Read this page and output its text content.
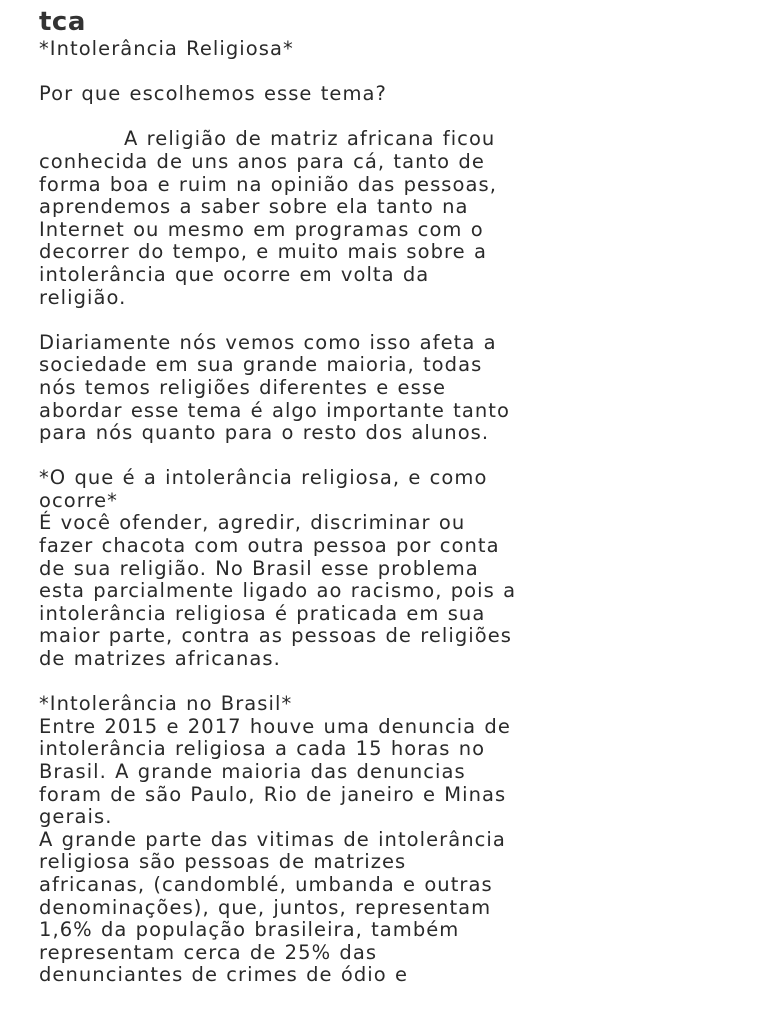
tca
*Intolerância Religiosa*
Por que escolhemos esse tema?
A religião de matriz africana ficou
conhecida de uns anos para cá, tanto de
forma boa e ruim na opinião das pessoas,
aprendemos a saber sobre ela tanto na
Internet ou mesmo em programas com o
decorrer do tempo, e muito mais sobre a
intolerância que ocorre em volta da
religião.
Diariamente nós vemos como isso afeta a
sociedade em sua grande maioria, todas
nós temos religiões diferentes e esse
abordar esse tema é algo importante tanto
para nós quanto para o resto dos alunos.
*O que é a intolerância religiosa, e como
ocorre*
É você ofender, agredir, discriminar ou
fazer chacota com outra pessoa por conta
de sua religião. No Brasil esse problema
esta parcialmente ligado ao racismo, pois a
intolerância religiosa é praticada em sua
maior parte, contra as pessoas de religiões
de matrizes africanas.
*Intolerância no Brasil*
Entre 2015 e 2017 houve uma denuncia de
intolerância religiosa a cada 15 horas no
Brasil. A grande maioria das denuncias
foram de são Paulo, Rio de janeiro e Minas
gerais.
A grande parte das vitimas de intolerância
religiosa são pessoas de matrizes
africanas, (candomblé, umbanda e outras
denominações), que, juntos, representam
1,6% da população brasileira, também
representam cerca de 25% das
denunciantes de crimes de ódio e
